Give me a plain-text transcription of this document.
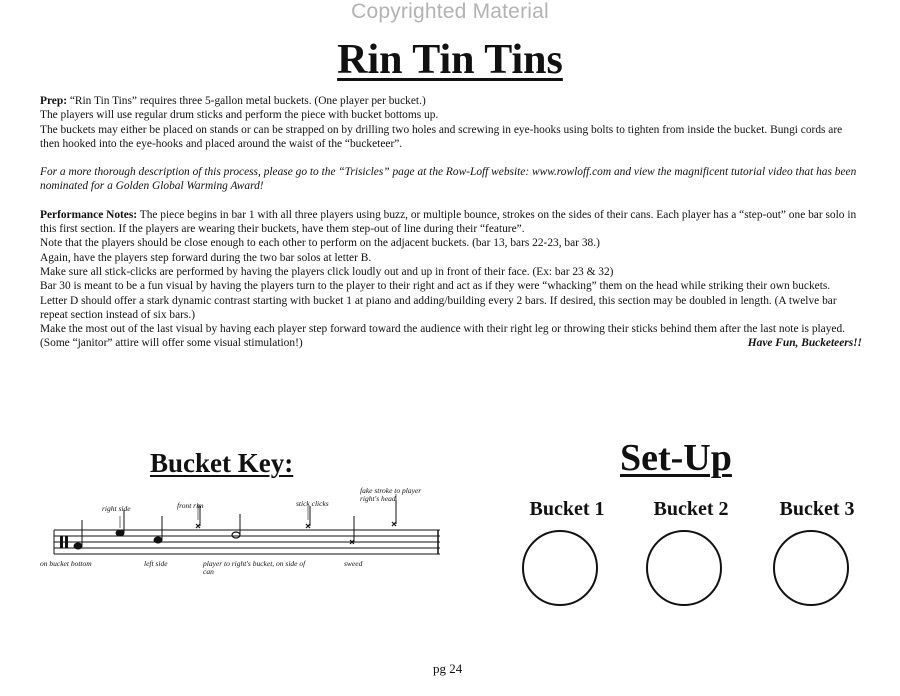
Copyrighted Material
Rin Tin Tins

Prep: “Rin Tin Tins” requires three 5-gallon metal buckets. (One player per bucket.)
The players will use regular drum sticks and perform the piece with bucket bottoms up.
The buckets may either be placed on stands or can be strapped on by drilling two holes and screwing in eye-hooks using bolts to tighten from inside the bucket. Bungi cords are then hooked into the eye-hooks and placed around the waist of the “bucketeer”.

For a more thorough description of this process, please go to the “Trisicles” page at the Row-Loff website: www.rowloff.com and view the magnificent tutorial video that has been nominated for a Golden Global Warming Award!

Performance Notes: The piece begins in bar 1 with all three players using buzz, or multiple bounce, strokes on the sides of their cans. Each player has a “step-out” one bar solo in this first section. If the players are wearing their buckets, have them step-out of line during their “feature”.
Note that the players should be close enough to each other to perform on the adjacent buckets. (bar 13, bars 22-23, bar 38.)
Again, have the players step forward during the two bar solos at letter B.
Make sure all stick-clicks are performed by having the players click loudly out and up in front of their face. (Ex: bar 23 & 32)
Bar 30 is meant to be a fun visual by having the players turn to the player to their right and act as if they were “whacking” them on the head while striking their own buckets.
Letter D should offer a stark dynamic contrast starting with bucket 1 at piano and adding/building every 2 bars. If desired, this section may be doubled in length. (A twelve bar repeat section instead of six bars.)
Make the most out of the last visual by having each player step forward toward the audience with their right leg or throwing their sticks behind them after the last note is played. (Some “janitor” attire will offer some visual stimulation!)	Have Fun, Bucketeers!!

Bucket Key:
right side	front rim	stick clicks
fake stroke to player right's head
on bucket bottom	left side	player to right's bucket, on side of can
sweed
Set-Up
Bucket 1	Bucket 2	Bucket 3
pg 24
